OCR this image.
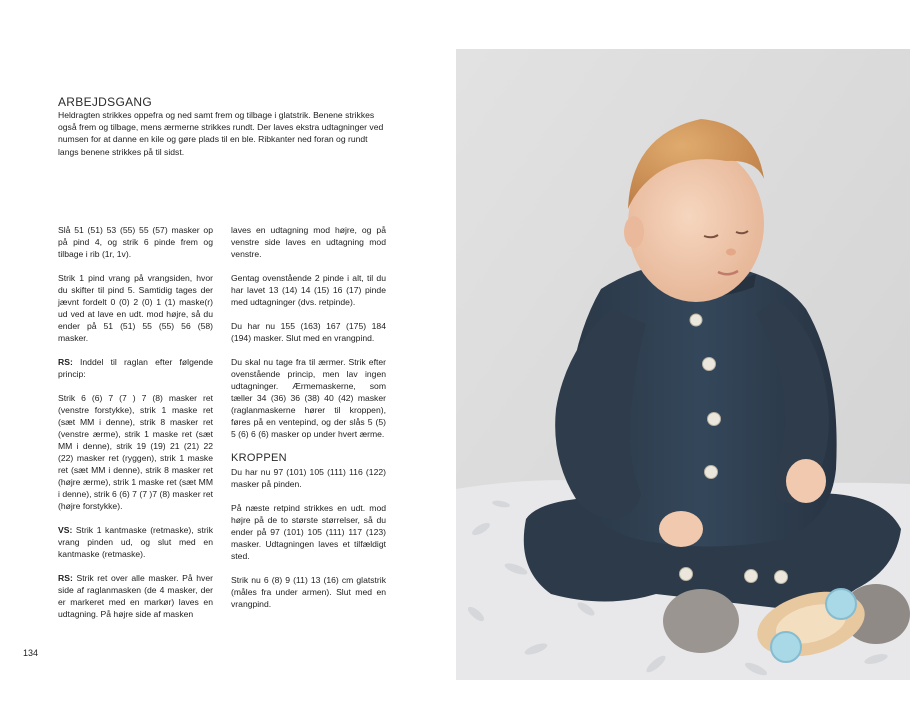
ARBEJDSGANG

Heldragten strikkes oppefra og ned samt frem og tilbage i glatstrik. Benene strikkes også frem og tilbage, mens ærmerne strikkes rundt. Der laves ekstra udtagninger ved numsen for at danne en kile og gøre plads til en ble. Ribkanter ned foran og rundt langs benene strikkes på til sidst.

Slå 51 (51) 53 (55) 55 (57) masker op på pind 4, og strik 6 pinde frem og tilbage i rib (1r, 1v).

Strik 1 pind vrang på vrangsiden, hvor du skifter til pind 5. Samtidig tages der jævnt fordelt 0 (0) 2 (0) 1 (1) maske(r) ud ved at lave en udt. mod højre, så du ender på 51 (51) 55 (55) 56 (58) masker.

RS: Inddel til raglan efter følgende princip:

Strik 6 (6) 7 (7 ) 7 (8) masker ret (venstre forstykke), strik 1 maske ret (sæt MM i denne), strik 8 masker ret (venstre ærme), strik 1 maske ret (sæt MM i denne), strik 19 (19) 21 (21) 22 (22) masker ret (ryggen), strik 1 maske ret (sæt MM i denne), strik 8 masker ret (højre ærme), strik 1 maske ret (sæt MM i denne), strik 6 (6) 7 (7 )7 (8) masker ret (højre forstykke).

VS: Strik 1 kantmaske (retmaske), strik vrang pinden ud, og slut med en kantmaske (retmaske).

RS: Strik ret over alle masker. På hver side af raglanmasken (de 4 masker, der er markeret med en markør) laves en udtagning. På højre side af masken

laves en udtagning mod højre, og på venstre side laves en udtagning mod venstre.

Gentag ovenstående 2 pinde i alt, til du har lavet 13 (14) 14 (15) 16 (17) pinde med udtagninger (dvs. retpinde).

Du har nu 155 (163) 167 (175) 184 (194) masker. Slut med en vrangpind.

Du skal nu tage fra til ærmer. Strik efter ovenstående princip, men lav ingen udtagninger. Ærmemaskerne, som tæller 34 (36) 36 (38) 40 (42) masker (raglanmaskerne hører til kroppen), føres på en ventepind, og der slås 5 (5) 5 (6) 6 (6) masker op under hvert ærme.

KROPPEN

Du har nu 97 (101) 105 (111) 116 (122) masker på pinden.

På næste retpind strikkes en udt. mod højre på de to største størrelser, så du ender på 97 (101) 105 (111) 117 (123) masker. Udtagningen laves et tilfældigt sted.

Strik nu 6 (8) 9 (11) 13 (16) cm glatstrik (måles fra under armen). Slut med en vrangpind.

134
